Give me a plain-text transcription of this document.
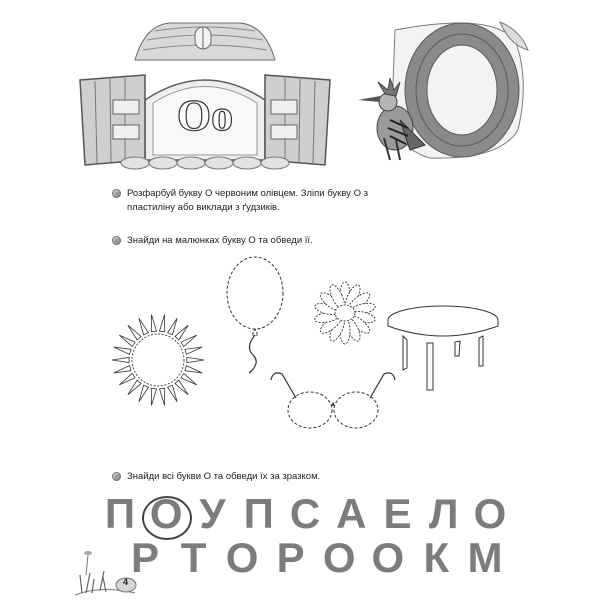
Оо
Розфарбуй букву О червоним олівцем. Зліпи букву О з пластиліну або виклади з ґудзиків.
Знайди на малюнках букву О та обведи її.
Знайди всі букви О та обведи їх за зразком.
П О У П С А Е Л О
Р Т О Р О О К М
4
